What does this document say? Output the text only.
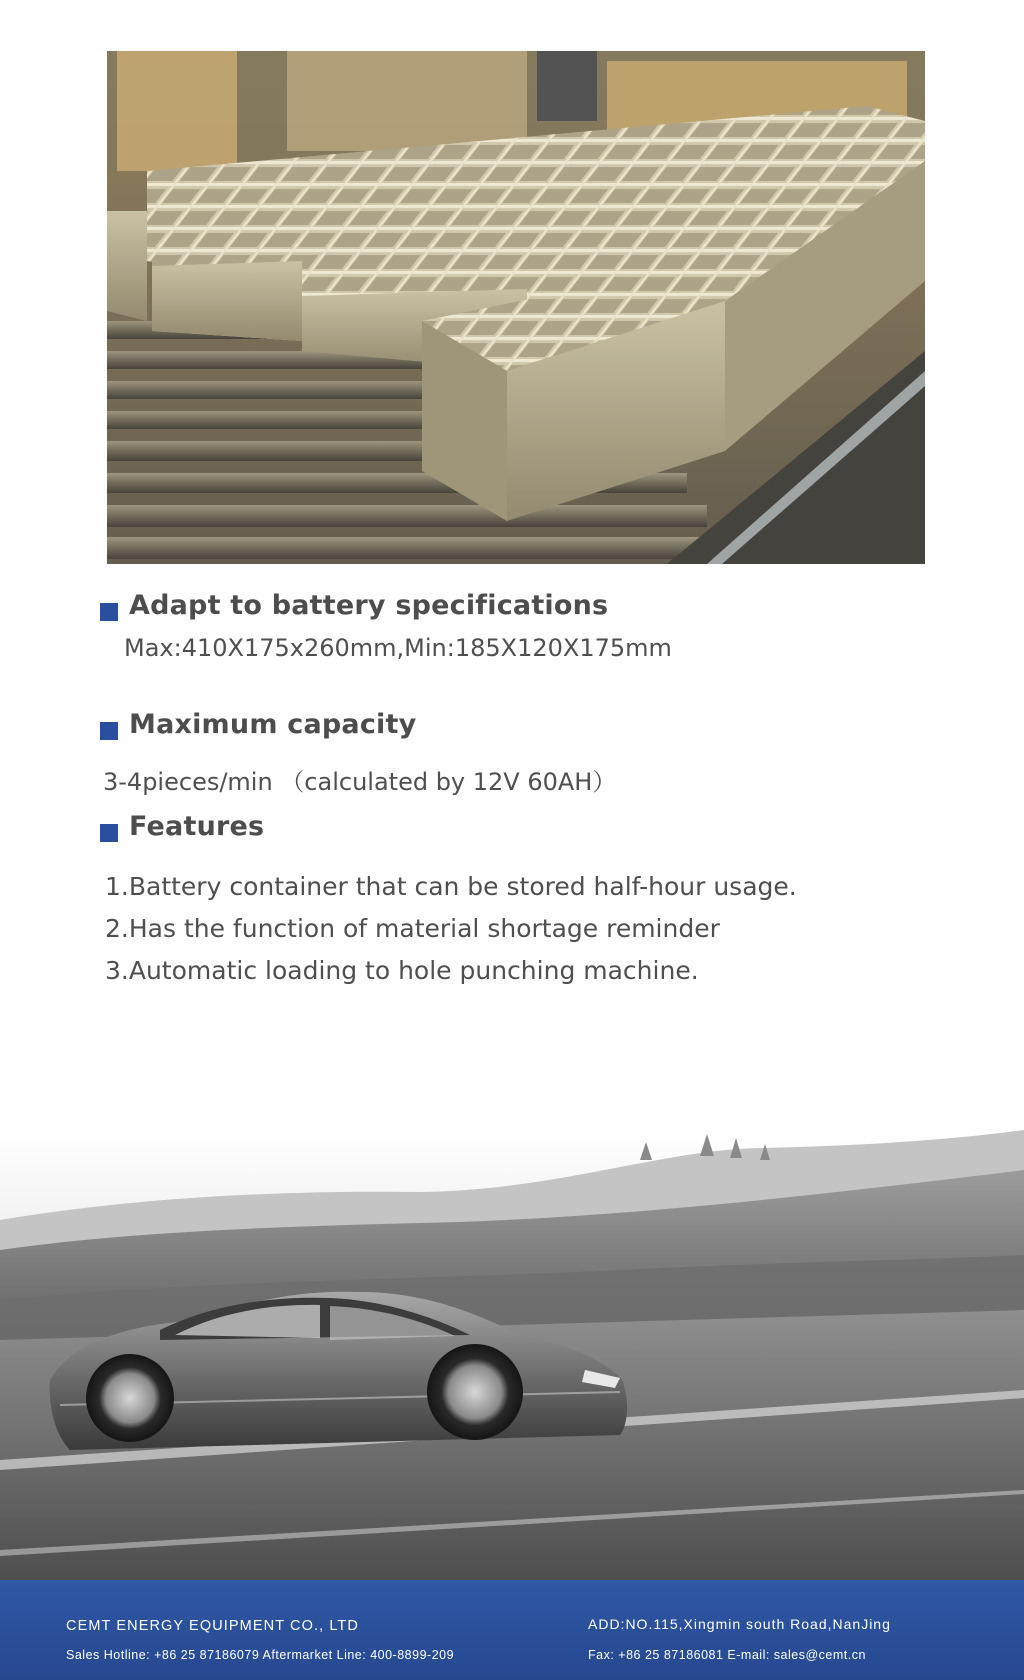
Adapt to battery specifications
Max:410X175x260mm,Min:185X120X175mm
Maximum capacity
3-4pieces/min （calculated by 12V 60AH）
Features
1.Battery container that can be stored half-hour usage.
2.Has the function of material shortage reminder
3.Automatic loading to hole punching machine.
CEMT ENERGY EQUIPMENT CO., LTD
Sales Hotline: +86 25 87186079 Aftermarket Line: 400-8899-209
ADD:NO.115,Xingmin south Road,NanJing
Fax: +86 25 87186081 E-mail: sales@cemt.cn
